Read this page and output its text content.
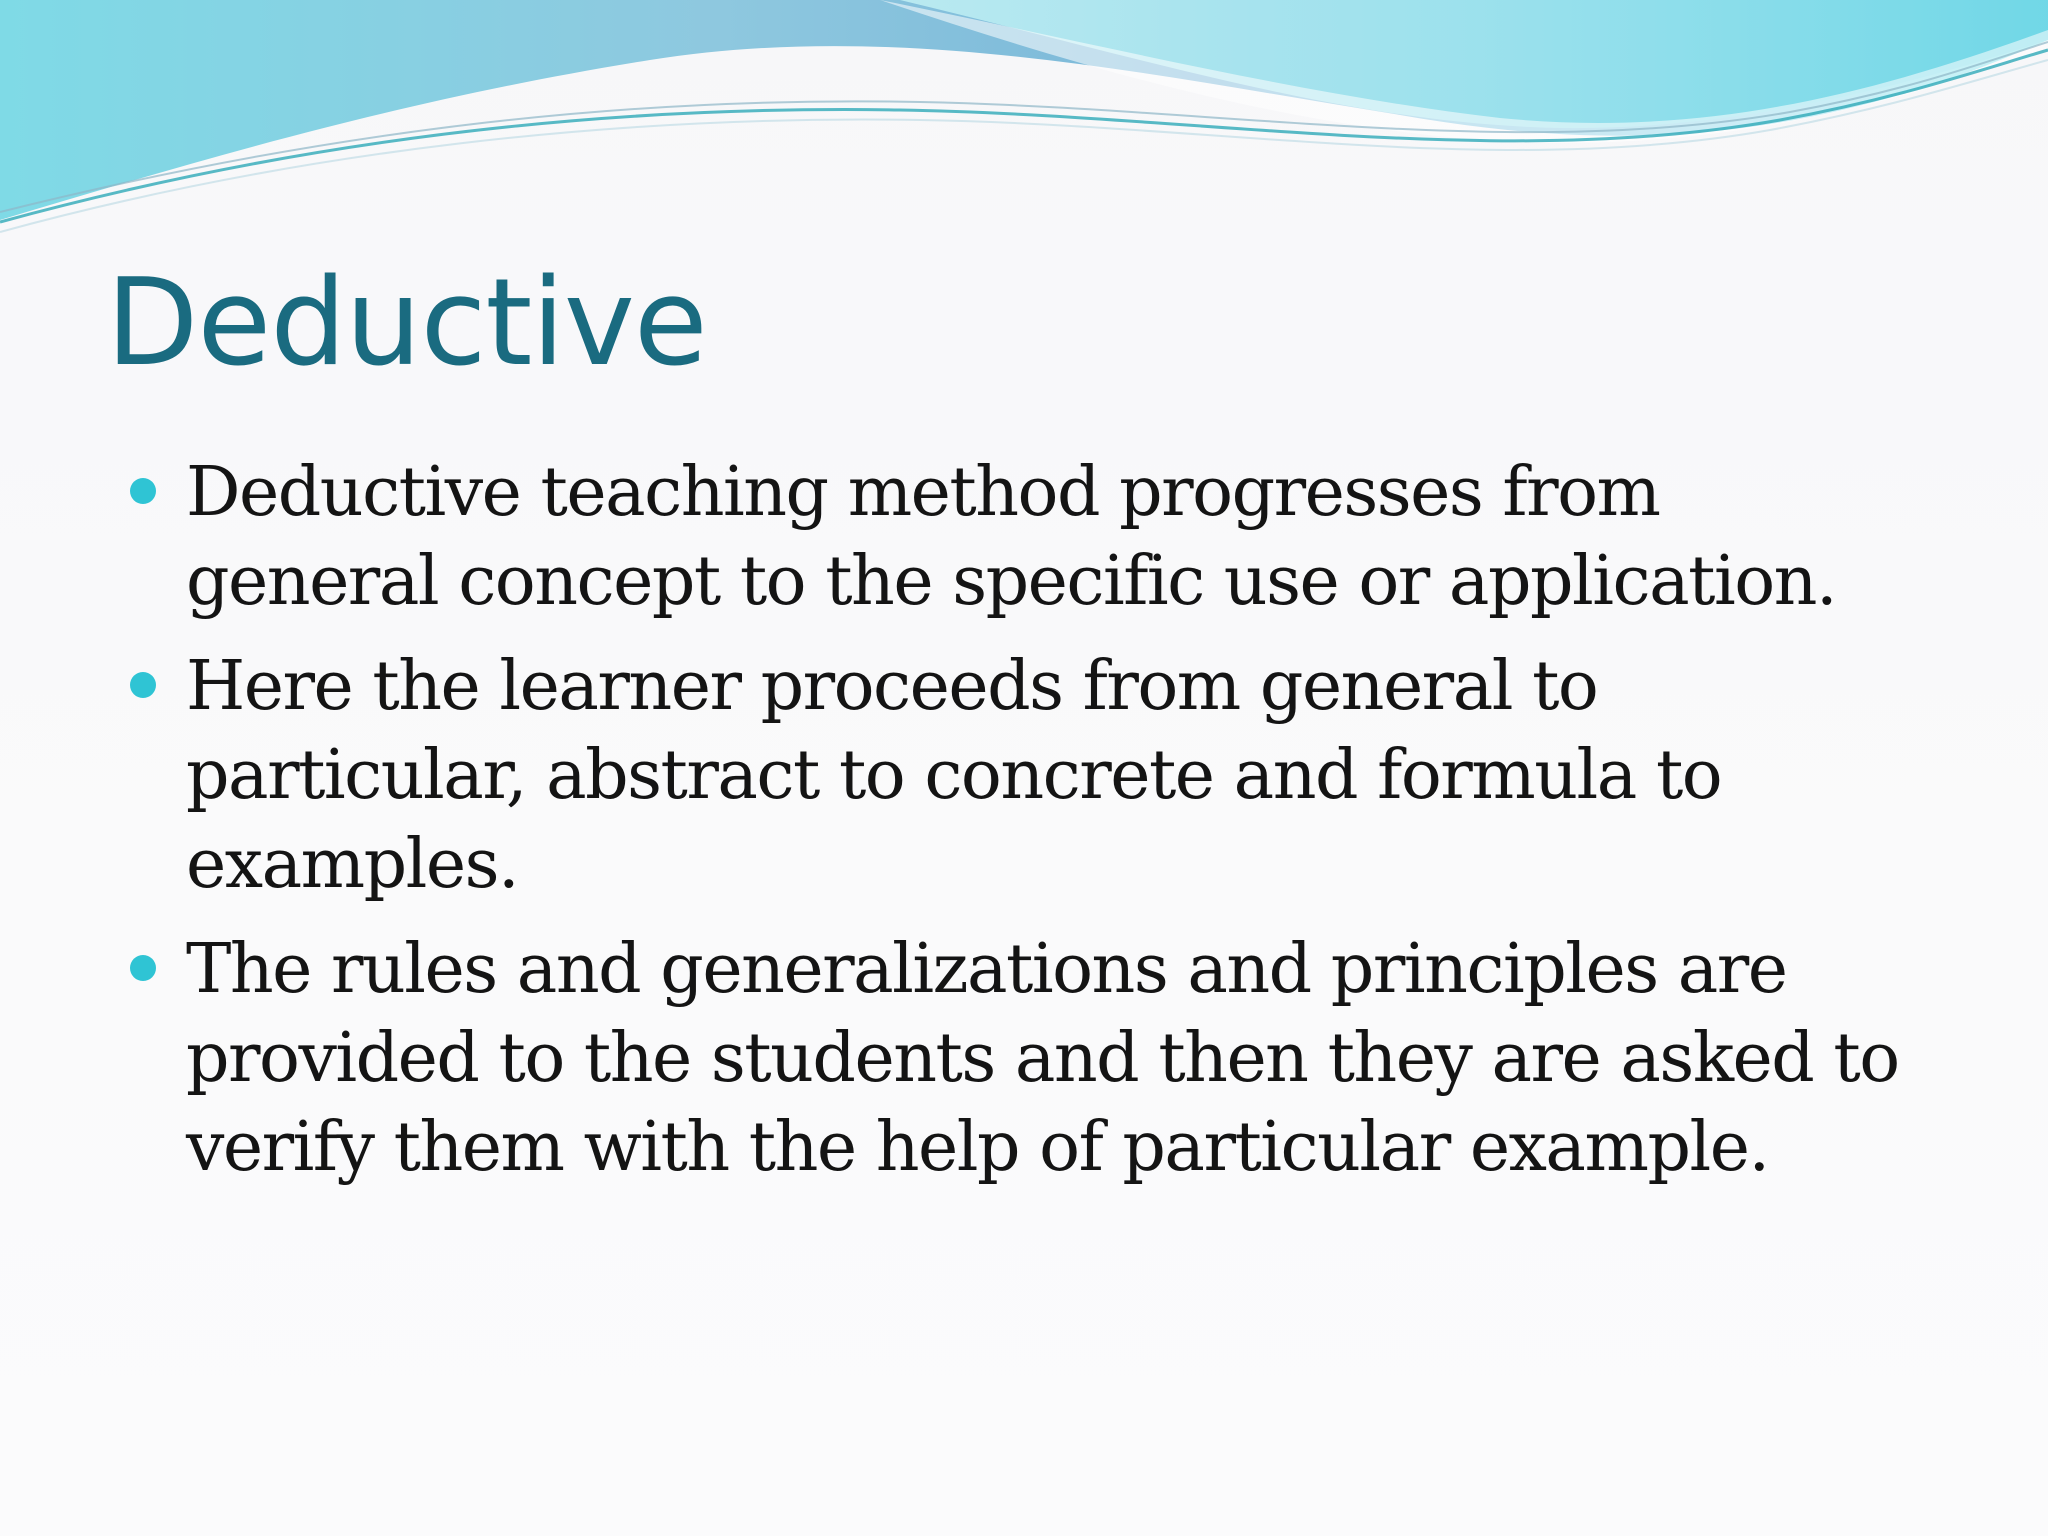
Deductive
Deductive teaching method progresses from general concept to the specific use or application.
Here the learner proceeds from general to particular, abstract to concrete and formula to examples.
The rules and generalizations and principles are provided to the students and then they are asked to verify them with the help of particular example.
